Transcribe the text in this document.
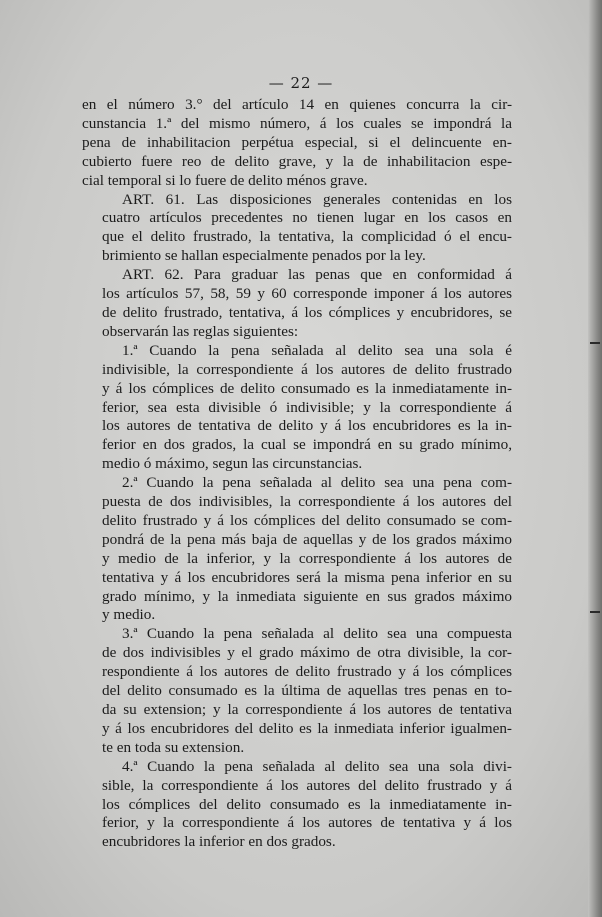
— 22 —
en el número 3.° del artículo 14 en quienes concurra la cir-
cunstancia 1.ª del mismo número, á los cuales se impondrá la
pena de inhabilitacion perpétua especial, si el delincuente en-
cubierto fuere reo de delito grave, y la de inhabilitacion espe-
cial temporal si lo fuere de delito ménos grave.
ART. 61. Las disposiciones generales contenidas en los
cuatro artículos precedentes no tienen lugar en los casos en
que el delito frustrado, la tentativa, la complicidad ó el encu-
brimiento se hallan especialmente penados por la ley.
ART. 62. Para graduar las penas que en conformidad á
los artículos 57, 58, 59 y 60 corresponde imponer á los autores
de delito frustrado, tentativa, á los cómplices y encubridores, se
observarán las reglas siguientes:
1.ª Cuando la pena señalada al delito sea una sola é
indivisible, la correspondiente á los autores de delito frustrado
y á los cómplices de delito consumado es la inmediatamente in-
ferior, sea esta divisible ó indivisible; y la correspondiente á
los autores de tentativa de delito y á los encubridores es la in-
ferior en dos grados, la cual se impondrá en su grado mínimo,
medio ó máximo, segun las circunstancias.
2.ª Cuando la pena señalada al delito sea una pena com-
puesta de dos indivisibles, la correspondiente á los autores del
delito frustrado y á los cómplices del delito consumado se com-
pondrá de la pena más baja de aquellas y de los grados máximo
y medio de la inferior, y la correspondiente á los autores de
tentativa y á los encubridores será la misma pena inferior en su
grado mínimo, y la inmediata siguiente en sus grados máximo
y medio.
3.ª Cuando la pena señalada al delito sea una compuesta
de dos indivisibles y el grado máximo de otra divisible, la cor-
respondiente á los autores de delito frustrado y á los cómplices
del delito consumado es la última de aquellas tres penas en to-
da su extension; y la correspondiente á los autores de tentativa
y á los encubridores del delito es la inmediata inferior igualmen-
te en toda su extension.
4.ª Cuando la pena señalada al delito sea una sola divi-
sible, la correspondiente á los autores del delito frustrado y á
los cómplices del delito consumado es la inmediatamente in-
ferior, y la correspondiente á los autores de tentativa y á los
encubridores la inferior en dos grados.
